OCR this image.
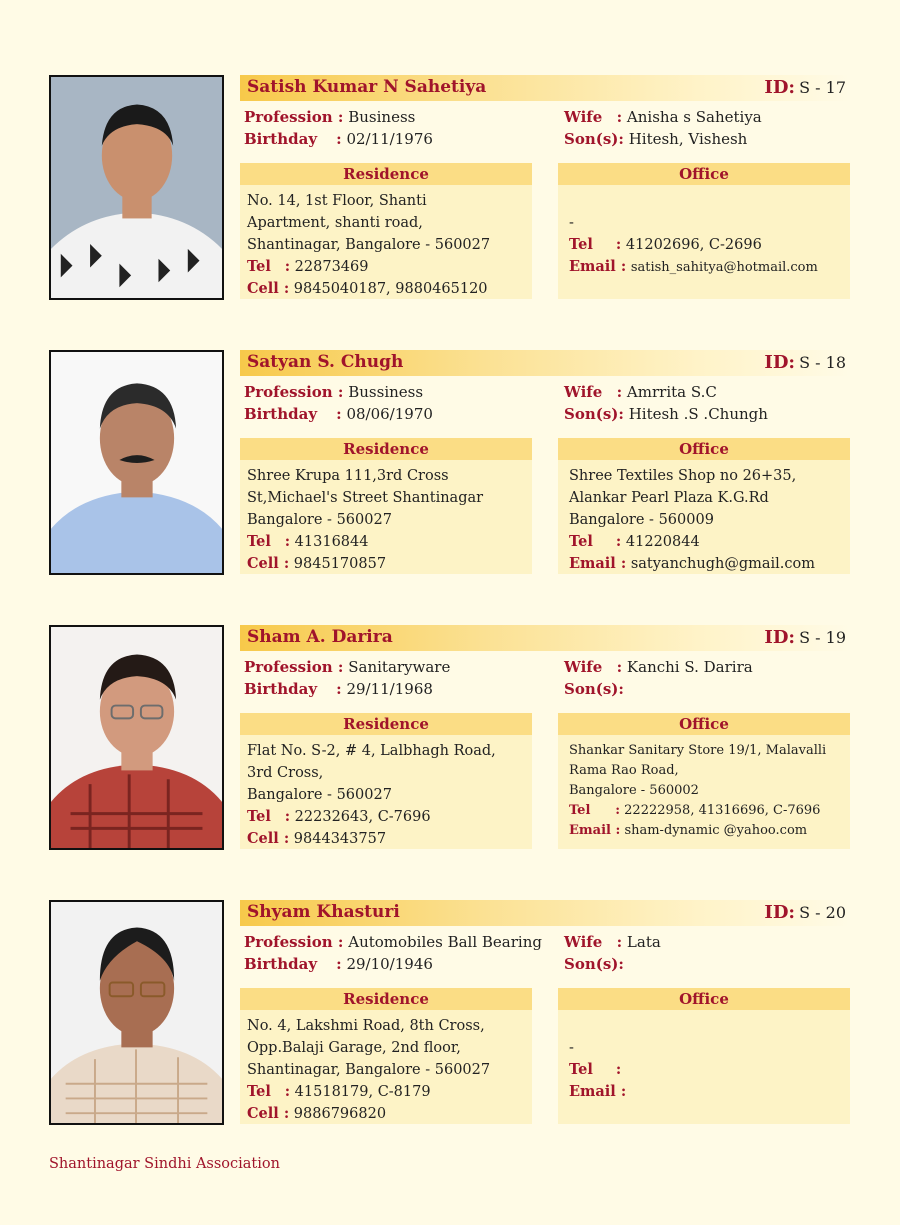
Satish Kumar N Sahetiya	ID: S - 17
Profession : Business
Birthday : 02/11/1976
Wife : Anisha s Sahetiya
Son(s): Hitesh, Vishesh
Residence
No. 14, 1st Floor, Shanti
Apartment, shanti road,
Shantinagar, Bangalore - 560027
Tel : 22873469
Cell : 9845040187, 9880465120
Office
-
Tel : 41202696, C-2696
Email : satish_sahitya@hotmail.com
Satyan S. Chugh	ID: S - 18
Profession : Bussiness
Birthday : 08/06/1970
Wife : Amrrita S.C
Son(s): Hitesh .S .Chungh
Residence
Shree Krupa 111,3rd Cross
St,Michael's Street Shantinagar
Bangalore - 560027
Tel : 41316844
Cell : 9845170857
Office
Shree Textiles Shop no 26+35,
Alankar Pearl Plaza K.G.Rd
Bangalore - 560009
Tel : 41220844
Email : satyanchugh@gmail.com
Sham A. Darira	ID: S - 19
Profession : Sanitaryware
Birthday : 29/11/1968
Wife : Kanchi S. Darira
Son(s):
Residence
Flat No. S-2, # 4, Lalbhagh Road,
3rd Cross,
Bangalore - 560027
Tel : 22232643, C-7696
Cell : 9844343757
Office
Shankar Sanitary Store 19/1, Malavalli
Rama Rao Road,
Bangalore - 560002
Tel : 22222958, 41316696, C-7696
Email : sham-dynamic @yahoo.com
Shyam Khasturi	ID: S - 20
Profession : Automobiles Ball Bearing
Birthday : 29/10/1946
Wife : Lata
Son(s):
Residence
No. 4, Lakshmi Road, 8th Cross,
Opp.Balaji Garage, 2nd floor,
Shantinagar, Bangalore - 560027
Tel : 41518179, C-8179
Cell : 9886796820
Office
-
Tel :
Email :
Shantinagar Sindhi Association
